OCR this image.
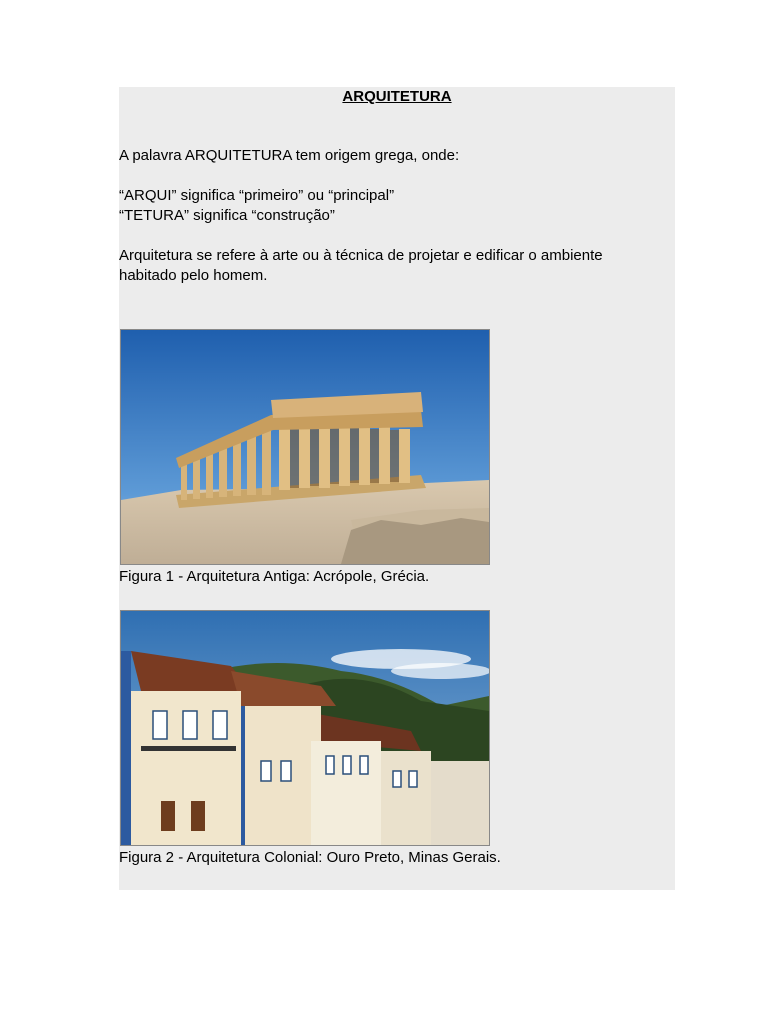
ARQUITETURA
A palavra ARQUITETURA tem origem grega, onde:
“ARQUI” significa “primeiro” ou “principal”
“TETURA” significa “construção”
Arquitetura se refere à arte ou à técnica de projetar e edificar o ambiente habitado pelo homem.
Figura 1 - Arquitetura Antiga: Acrópole, Grécia.
Figura 2 - Arquitetura Colonial: Ouro Preto, Minas Gerais.
